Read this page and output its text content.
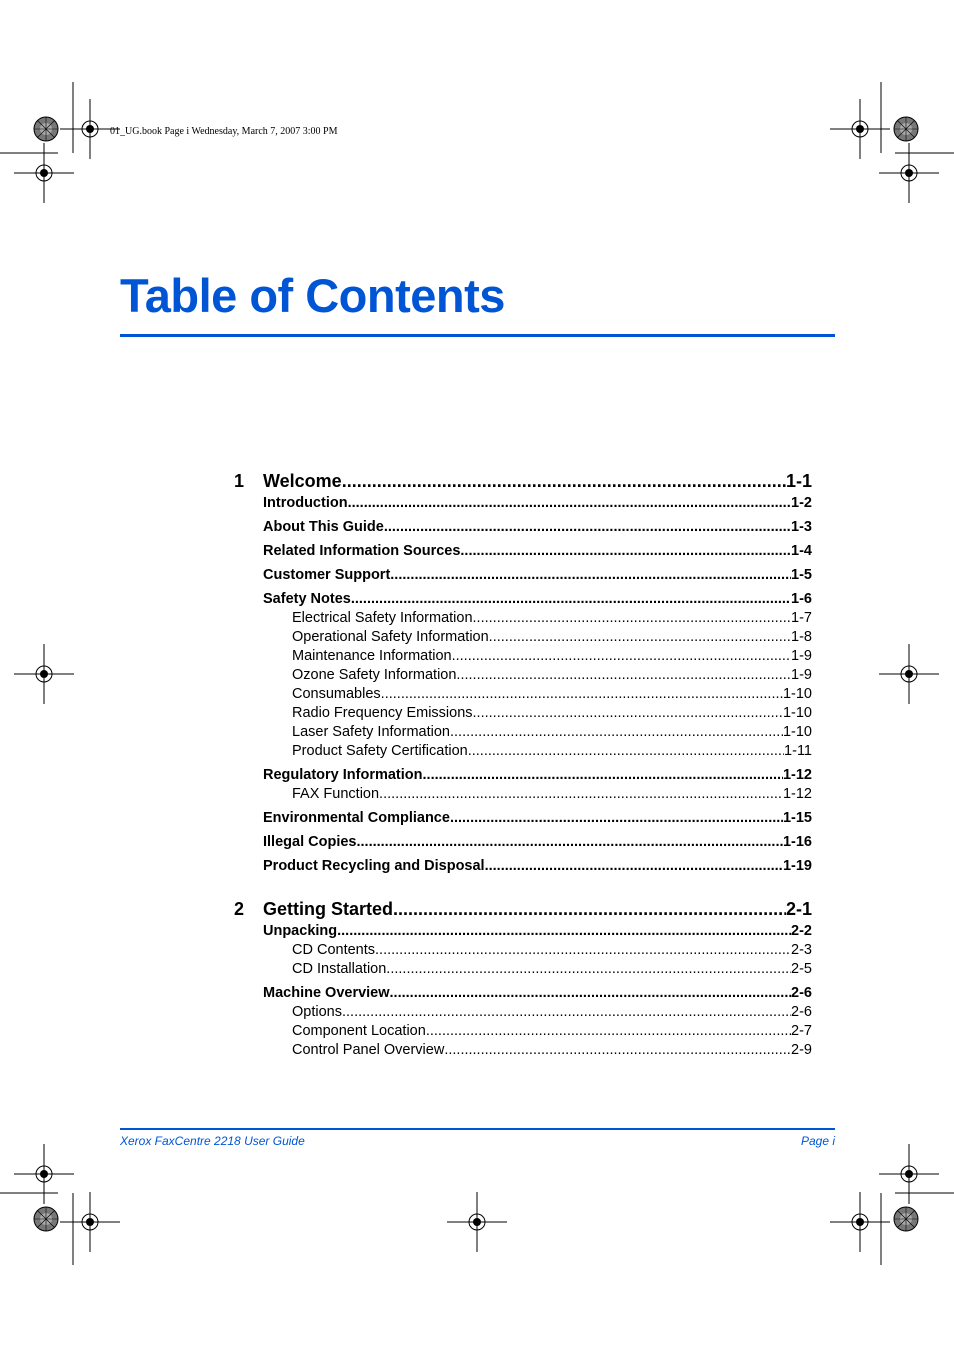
01_UG.book Page i Wednesday, March 7, 2007 3:00 PM
Table of Contents
1	Welcome .....	1-1
Introduction .....	1-2
About This Guide .....	1-3
Related Information Sources .....	1-4
Customer Support .....	1-5
Safety Notes .....	1-6
Electrical Safety Information .....	1-7
Operational Safety Information .....	1-8
Maintenance Information .....	1-9
Ozone Safety Information .....	1-9
Consumables .....	1-10
Radio Frequency Emissions .....	1-10
Laser Safety Information .....	1-10
Product Safety Certification .....	1-11
Regulatory Information .....	1-12
FAX Function .....	1-12
Environmental Compliance .....	1-15
Illegal Copies .....	1-16
Product Recycling and Disposal .....	1-19
2	Getting Started .....	2-1
Unpacking .....	2-2
CD Contents .....	2-3
CD Installation .....	2-5
Machine Overview .....	2-6
Options .....	2-6
Component Location .....	2-7
Control Panel Overview .....	2-9
Xerox FaxCentre 2218 User Guide	Page i
